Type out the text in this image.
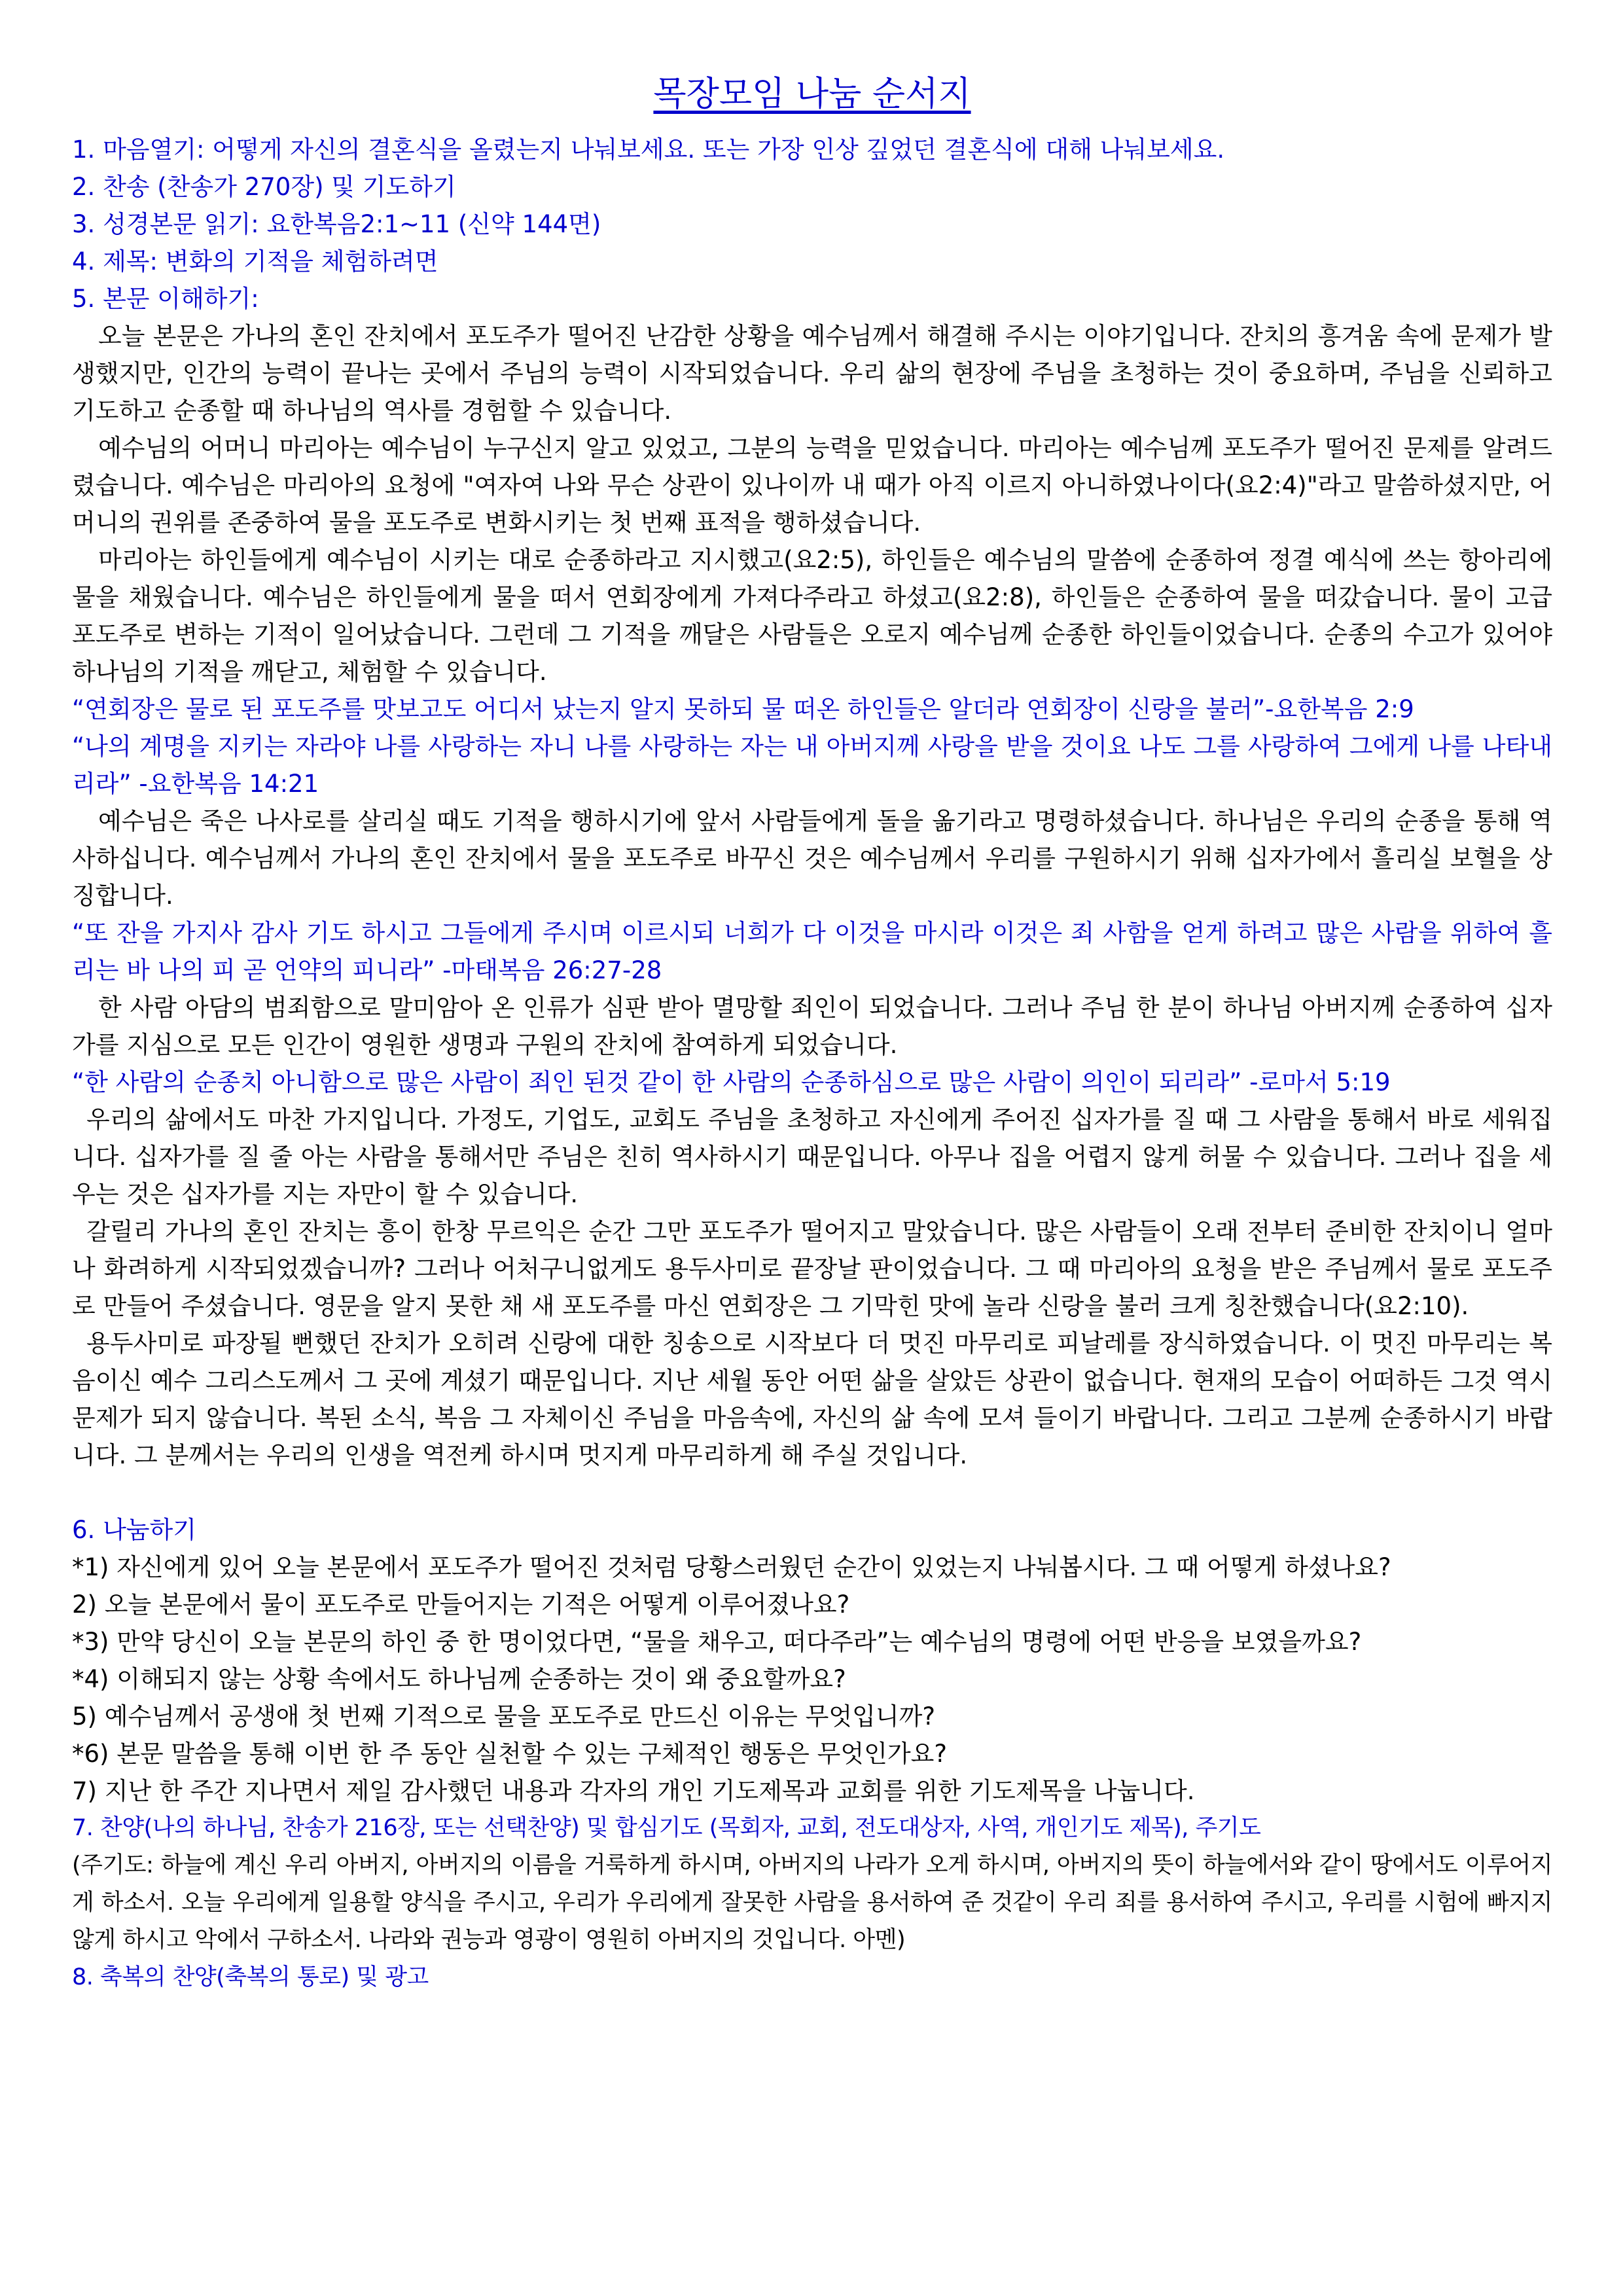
목장모임 나눔 순서지

1. 마음열기: 어떻게 자신의 결혼식을 올렸는지 나눠보세요. 또는 가장 인상 깊었던 결혼식에 대해 나눠보세요.

2. 찬송 (찬송가 270장) 및 기도하기

3. 성경본문 읽기: 요한복음2:1~11 (신약 144면)

4. 제목: 변화의 기적을 체험하려면

5. 본문 이해하기:

오늘 본문은 가나의 혼인 잔치에서 포도주가 떨어진 난감한 상황을 예수님께서 해결해 주시는 이야기입니다. 잔치의 흥겨움 속에 문제가 발생했지만, 인간의 능력이 끝나는 곳에서 주님의 능력이 시작되었습니다. 우리 삶의 현장에 주님을 초청하는 것이 중요하며, 주님을 신뢰하고 기도하고 순종할 때 하나님의 역사를 경험할 수 있습니다.

예수님의 어머니 마리아는 예수님이 누구신지 알고 있었고, 그분의 능력을 믿었습니다. 마리아는 예수님께 포도주가 떨어진 문제를 알려드렸습니다. 예수님은 마리아의 요청에 "여자여 나와 무슨 상관이 있나이까 내 때가 아직 이르지 아니하였나이다(요2:4)"라고 말씀하셨지만, 어머니의 권위를 존중하여 물을 포도주로 변화시키는 첫 번째 표적을 행하셨습니다.

마리아는 하인들에게 예수님이 시키는 대로 순종하라고 지시했고(요2:5), 하인들은 예수님의 말씀에 순종하여 정결 예식에 쓰는 항아리에 물을 채웠습니다. 예수님은 하인들에게 물을 떠서 연회장에게 가져다주라고 하셨고(요2:8), 하인들은 순종하여 물을 떠갔습니다. 물이 고급 포도주로 변하는 기적이 일어났습니다. 그런데 그 기적을 깨달은 사람들은 오로지 예수님께 순종한 하인들이었습니다. 순종의 수고가 있어야 하나님의 기적을 깨닫고, 체험할 수 있습니다.

“연회장은 물로 된 포도주를 맛보고도 어디서 났는지 알지 못하되 물 떠온 하인들은 알더라 연회장이 신랑을 불러”-요한복음 2:9

“나의 계명을 지키는 자라야 나를 사랑하는 자니 나를 사랑하는 자는 내 아버지께 사랑을 받을 것이요 나도 그를 사랑하여 그에게 나를 나타내리라” -요한복음 14:21

예수님은 죽은 나사로를 살리실 때도 기적을 행하시기에 앞서 사람들에게 돌을 옮기라고 명령하셨습니다. 하나님은 우리의 순종을 통해 역사하십니다. 예수님께서 가나의 혼인 잔치에서 물을 포도주로 바꾸신 것은 예수님께서 우리를 구원하시기 위해 십자가에서 흘리실 보혈을 상징합니다.

“또 잔을 가지사 감사 기도 하시고 그들에게 주시며 이르시되 너희가 다 이것을 마시라 이것은 죄 사함을 얻게 하려고 많은 사람을 위하여 흘리는 바 나의 피 곧 언약의 피니라” -마태복음 26:27-28

한 사람 아담의 범죄함으로 말미암아 온 인류가 심판 받아 멸망할 죄인이 되었습니다. 그러나 주님 한 분이 하나님 아버지께 순종하여 십자가를 지심으로 모든 인간이 영원한 생명과 구원의 잔치에 참여하게 되었습니다.

“한 사람의 순종치 아니함으로 많은 사람이 죄인 된것 같이 한 사람의 순종하심으로 많은 사람이 의인이 되리라” -로마서 5:19

우리의 삶에서도 마찬 가지입니다. 가정도, 기업도, 교회도 주님을 초청하고 자신에게 주어진 십자가를 질 때 그 사람을 통해서 바로 세워집니다. 십자가를 질 줄 아는 사람을 통해서만 주님은 친히 역사하시기 때문입니다. 아무나 집을 어렵지 않게 허물 수 있습니다. 그러나 집을 세우는 것은 십자가를 지는 자만이 할 수 있습니다.

갈릴리 가나의 혼인 잔치는 흥이 한창 무르익은 순간 그만 포도주가 떨어지고 말았습니다. 많은 사람들이 오래 전부터 준비한 잔치이니 얼마나 화려하게 시작되었겠습니까? 그러나 어처구니없게도 용두사미로 끝장날 판이었습니다. 그 때 마리아의 요청을 받은 주님께서 물로 포도주로 만들어 주셨습니다. 영문을 알지 못한 채 새 포도주를 마신 연회장은 그 기막힌 맛에 놀라 신랑을 불러 크게 칭찬했습니다(요2:10).

용두사미로 파장될 뻔했던 잔치가 오히려 신랑에 대한 칭송으로 시작보다 더 멋진 마무리로 피날레를 장식하였습니다. 이 멋진 마무리는 복음이신 예수 그리스도께서 그 곳에 계셨기 때문입니다. 지난 세월 동안 어떤 삶을 살았든 상관이 없습니다. 현재의 모습이 어떠하든 그것 역시 문제가 되지 않습니다. 복된 소식, 복음 그 자체이신 주님을 마음속에, 자신의 삶 속에 모셔 들이기 바랍니다. 그리고 그분께 순종하시기 바랍니다. 그 분께서는 우리의 인생을 역전케 하시며 멋지게 마무리하게 해 주실 것입니다.

6. 나눔하기

*1) 자신에게 있어 오늘 본문에서 포도주가 떨어진 것처럼 당황스러웠던 순간이 있었는지 나눠봅시다. 그 때 어떻게 하셨나요?

2) 오늘 본문에서 물이 포도주로 만들어지는 기적은 어떻게 이루어졌나요?

*3) 만약 당신이 오늘 본문의 하인 중 한 명이었다면, “물을 채우고, 떠다주라”는 예수님의 명령에 어떤 반응을 보였을까요?

*4) 이해되지 않는 상황 속에서도 하나님께 순종하는 것이 왜 중요할까요?

5) 예수님께서 공생애 첫 번째 기적으로 물을 포도주로 만드신 이유는 무엇입니까?

*6) 본문 말씀을 통해 이번 한 주 동안 실천할 수 있는 구체적인 행동은 무엇인가요?

7) 지난 한 주간 지나면서 제일 감사했던 내용과 각자의 개인 기도제목과 교회를 위한 기도제목을 나눕니다.

7. 찬양(나의 하나님, 찬송가 216장, 또는 선택찬양) 및 합심기도 (목회자, 교회, 전도대상자, 사역, 개인기도 제목), 주기도

(주기도: 하늘에 계신 우리 아버지, 아버지의 이름을 거룩하게 하시며, 아버지의 나라가 오게 하시며, 아버지의 뜻이 하늘에서와 같이 땅에서도 이루어지게 하소서. 오늘 우리에게 일용할 양식을 주시고, 우리가 우리에게 잘못한 사람을 용서하여 준 것같이 우리 죄를 용서하여 주시고, 우리를 시험에 빠지지 않게 하시고 악에서 구하소서. 나라와 권능과 영광이 영원히 아버지의 것입니다. 아멘)

8. 축복의 찬양(축복의 통로) 및 광고
